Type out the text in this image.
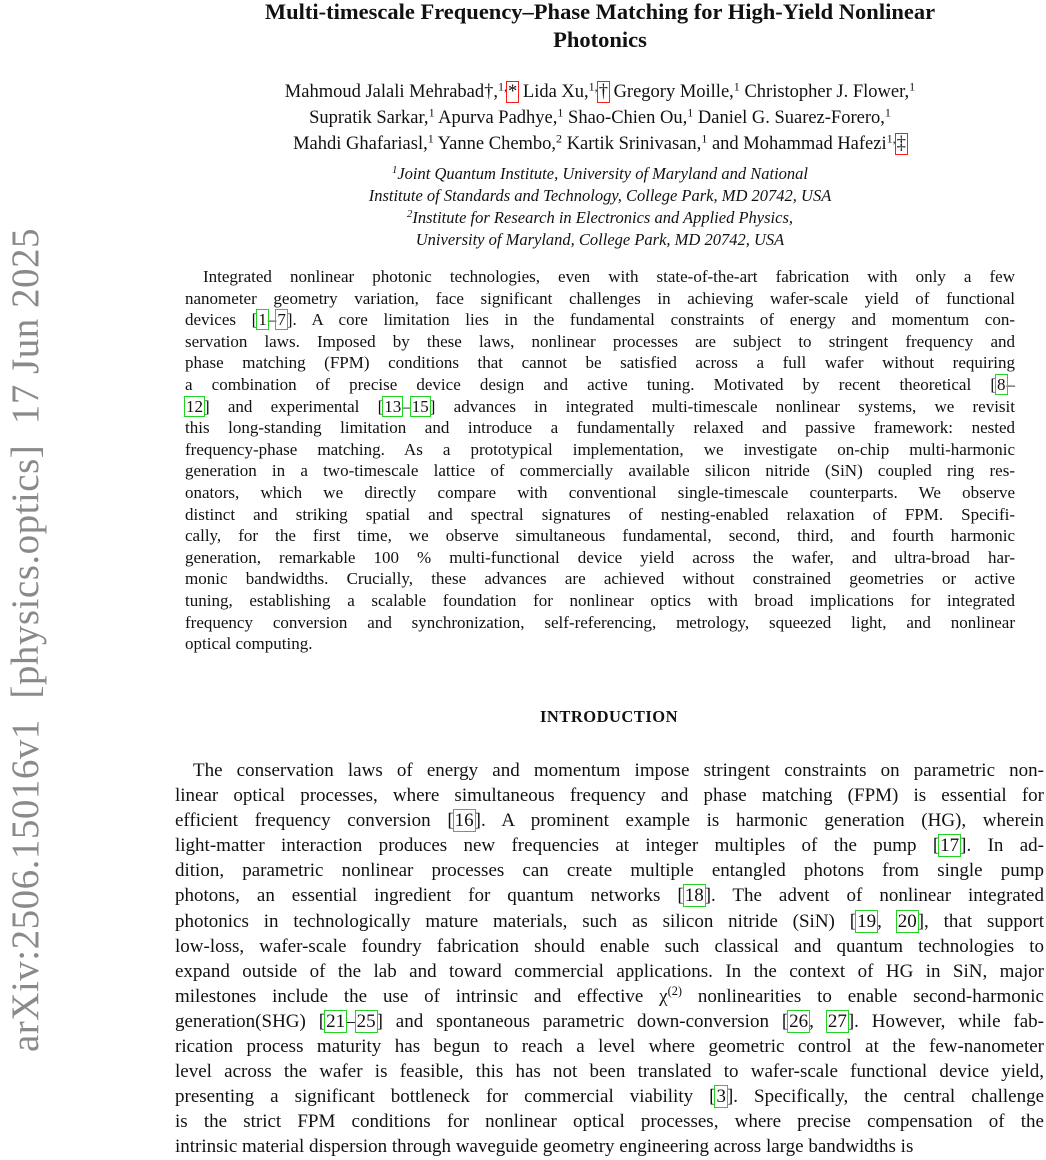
arXiv:2506.15016v1  [physics.optics]  17 Jun 2025
Multi-timescale Frequency–Phase Matching for High-Yield Nonlinear
Photonics
Mahmoud Jalali Mehrabad†,$^{1,}$* Lida Xu,$^{1,}$† Gregory Moille,$^1$ Christopher J. Flower,$^1$
Supratik Sarkar,$^1$ Apurva Padhye,$^1$ Shao-Chien Ou,$^1$ Daniel G. Suarez-Forero,$^1$
Mahdi Ghafariasl,$^1$ Yanne Chembo,$^2$ Kartik Srinivasan,$^1$ and Mohammad Hafezi$^{1,}$‡
$^1$Joint Quantum Institute, University of Maryland and National
Institute of Standards and Technology, College Park, MD 20742, USA
$^2$Institute for Research in Electronics and Applied Physics,
University of Maryland, College Park, MD 20742, USA
Integrated nonlinear photonic technologies, even with state-of-the-art fabrication with only a few
nanometer geometry variation, face significant challenges in achieving wafer-scale yield of functional
devices [1–7]. A core limitation lies in the fundamental constraints of energy and momentum con-
servation laws. Imposed by these laws, nonlinear processes are subject to stringent frequency and
phase matching (FPM) conditions that cannot be satisfied across a full wafer without requiring
a combination of precise device design and active tuning. Motivated by recent theoretical [8–
12] and experimental [13–15] advances in integrated multi-timescale nonlinear systems, we revisit
this long-standing limitation and introduce a fundamentally relaxed and passive framework: nested
frequency-phase matching. As a prototypical implementation, we investigate on-chip multi-harmonic
generation in a two-timescale lattice of commercially available silicon nitride (SiN) coupled ring res-
onators, which we directly compare with conventional single-timescale counterparts. We observe
distinct and striking spatial and spectral signatures of nesting-enabled relaxation of FPM. Specifi-
cally, for the first time, we observe simultaneous fundamental, second, third, and fourth harmonic
generation, remarkable 100 % multi-functional device yield across the wafer, and ultra-broad har-
monic bandwidths. Crucially, these advances are achieved without constrained geometries or active
tuning, establishing a scalable foundation for nonlinear optics with broad implications for integrated
frequency conversion and synchronization, self-referencing, metrology, squeezed light, and nonlinear
optical computing.
INTRODUCTION
The conservation laws of energy and momentum impose stringent constraints on parametric non-
linear optical processes, where simultaneous frequency and phase matching (FPM) is essential for
efficient frequency conversion [16]. A prominent example is harmonic generation (HG), wherein
light-matter interaction produces new frequencies at integer multiples of the pump [17]. In ad-
dition, parametric nonlinear processes can create multiple entangled photons from single pump
photons, an essential ingredient for quantum networks [18]. The advent of nonlinear integrated
photonics in technologically mature materials, such as silicon nitride (SiN) [19, 20], that support
low-loss, wafer-scale foundry fabrication should enable such classical and quantum technologies to
expand outside of the lab and toward commercial applications. In the context of HG in SiN, major
milestones include the use of intrinsic and effective $\chi^{(2)}$ nonlinearities to enable second-harmonic
generation(SHG) [21–25] and spontaneous parametric down-conversion [26, 27]. However, while fab-
rication process maturity has begun to reach a level where geometric control at the few-nanometer
level across the wafer is feasible, this has not been translated to wafer-scale functional device yield,
presenting a significant bottleneck for commercial viability [3]. Specifically, the central challenge
is the strict FPM conditions for nonlinear optical processes, where precise compensation of the
intrinsic material dispersion through waveguide geometry engineering across large bandwidths is
